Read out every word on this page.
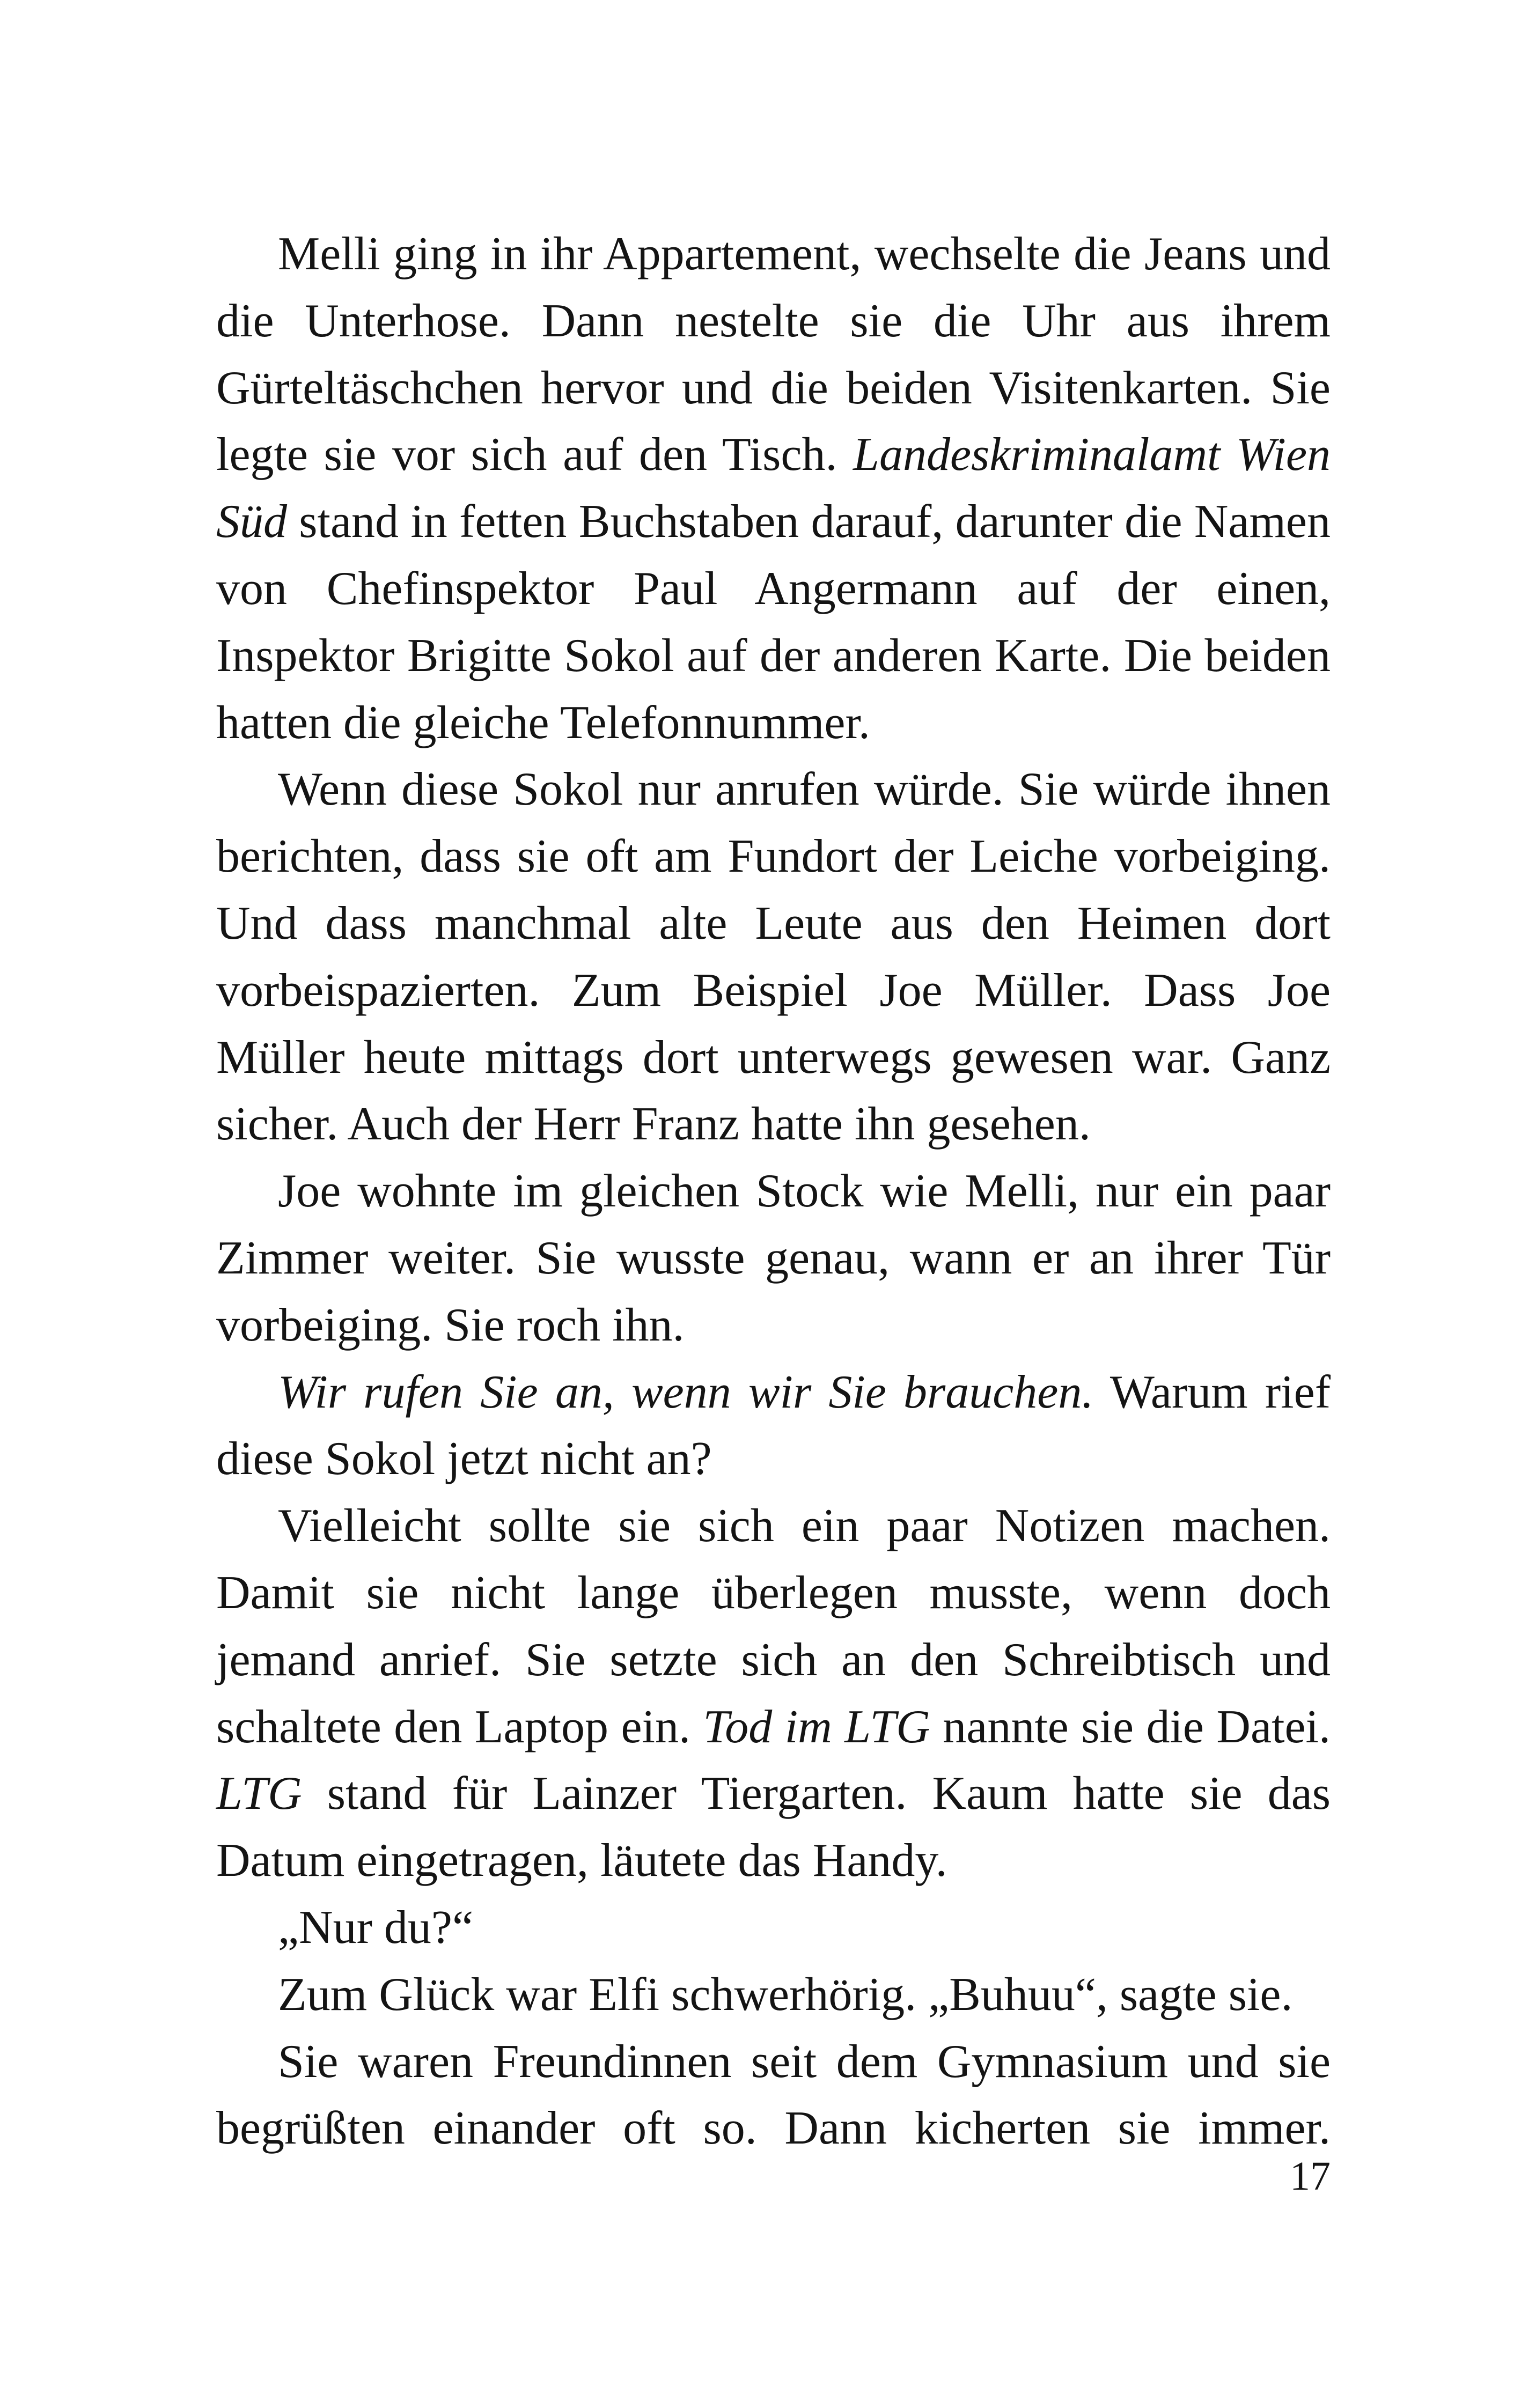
Melli ging in ihr Appartement, wechselte die Jeans und die Unterhose. Dann nestelte sie die Uhr aus ihrem Gürteltäschchen hervor und die beiden Visitenkarten. Sie legte sie vor sich auf den Tisch. Landeskriminalamt Wien Süd stand in fetten Buchstaben darauf, darunter die Namen von Chefinspektor Paul Angermann auf der einen, Inspektor Brigitte Sokol auf der anderen Karte. Die beiden hatten die gleiche Telefonnummer.

Wenn diese Sokol nur anrufen würde. Sie würde ihnen berichten, dass sie oft am Fundort der Leiche vorbeiging. Und dass manchmal alte Leute aus den Heimen dort vorbeispazierten. Zum Beispiel Joe Müller. Dass Joe Müller heute mittags dort unterwegs gewesen war. Ganz sicher. Auch der Herr Franz hatte ihn gesehen.

Joe wohnte im gleichen Stock wie Melli, nur ein paar Zimmer weiter. Sie wusste genau, wann er an ihrer Tür vorbeiging. Sie roch ihn.

Wir rufen Sie an, wenn wir Sie brauchen. Warum rief diese Sokol jetzt nicht an?

Vielleicht sollte sie sich ein paar Notizen machen. Damit sie nicht lange überlegen musste, wenn doch jemand anrief. Sie setzte sich an den Schreibtisch und schaltete den Laptop ein. Tod im LTG nannte sie die Datei. LTG stand für Lainzer Tiergarten. Kaum hatte sie das Datum eingetragen, läutete das Handy.

„Nur du?“

Zum Glück war Elfi schwerhörig. „Buhuu“, sagte sie.

Sie waren Freundinnen seit dem Gymnasium und sie begrüßten einander oft so. Dann kicherten sie immer.

17
